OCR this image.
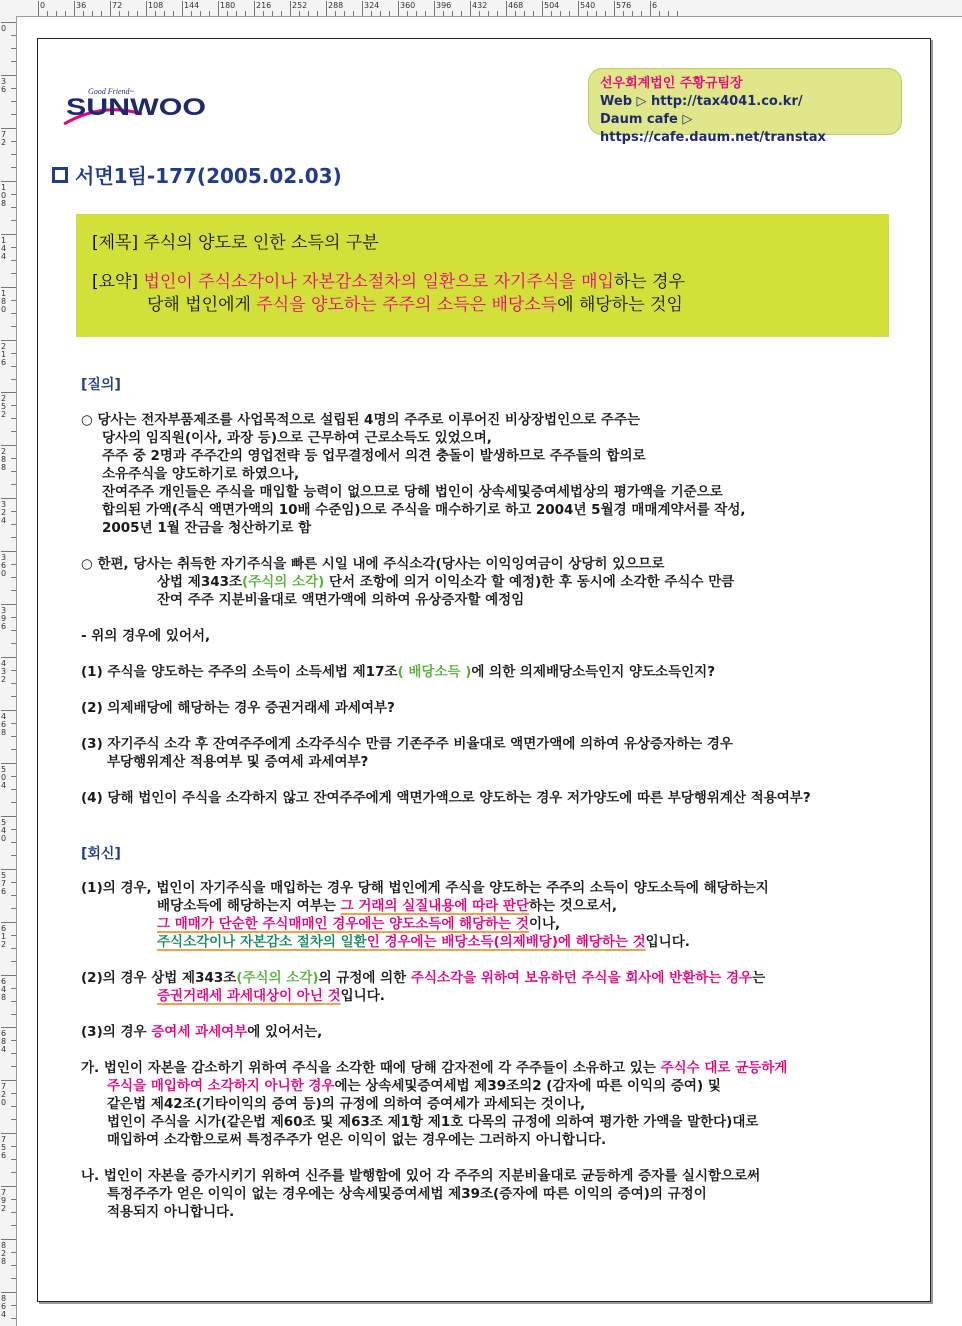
0	36	72	108	144	180	216	252	288	324	360	396	432	468	504	540	576	6
0
36
72
108
144
180
216
252
288
324
360
396
432
468
504
540
576
612
648
684
720
756
792
828
864
Good Friend~
SUNWOO
선우회계법인 주황규팀장
Web ▷ http://tax4041.co.kr/
Daum cafe ▷ https://cafe.daum.net/transtax
서면1팀-177(2005.02.03)
[제목] 주식의 양도로 인한 소득의 구분
[요약] 법인이 주식소각이나 자본감소절차의 일환으로 자기주식을 매입하는 경우
당해 법인에게 주식을 양도하는 주주의 소득은 배당소득에 해당하는 것임
[질의]
○ 당사는 전자부품제조를 사업목적으로 설립된 4명의 주주로 이루어진 비상장법인으로 주주는
당사의 임직원(이사, 과장 등)으로 근무하여 근로소득도 있었으며,
주주 중 2명과 주주간의 영업전략 등 업무결정에서 의견 충돌이 발생하므로 주주들의 합의로
소유주식을 양도하기로 하였으나,
잔여주주 개인들은 주식을 매입할 능력이 없으므로 당해 법인이 상속세및증여세법상의 평가액을 기준으로
합의된 가액(주식 액면가액의 10배 수준임)으로 주식을 매수하기로 하고 2004년 5월경 매매계약서를 작성,
2005년 1월 잔금을 청산하기로 함
○ 한편, 당사는 취득한 자기주식을 빠른 시일 내에 주식소각(당사는 이익잉여금이 상당히 있으므로
상법 제343조(주식의 소각) 단서 조항에 의거 이익소각 할 예정)한 후 동시에 소각한 주식수 만큼
잔여 주주 지분비율대로 액면가액에 의하여 유상증자할 예정임
- 위의 경우에 있어서,
(1) 주식을 양도하는 주주의 소득이 소득세법 제17조( 배당소득 )에 의한 의제배당소득인지 양도소득인지?
(2) 의제배당에 해당하는 경우 증권거래세 과세여부?
(3) 자기주식 소각 후 잔여주주에게 소각주식수 만큼 기존주주 비율대로 액면가액에 의하여 유상증자하는 경우
부당행위계산 적용여부 및 증여세 과세여부?
(4) 당해 법인이 주식을 소각하지 않고 잔여주주에게 액면가액으로 양도하는 경우 저가양도에 따른 부당행위계산 적용여부?
[회신]
(1)의 경우, 법인이 자기주식을 매입하는 경우 당해 법인에게 주식을 양도하는 주주의 소득이 양도소득에 해당하는지
배당소득에 해당하는지 여부는 그 거래의 실질내용에 따라 판단하는 것으로서,
그 매매가 단순한 주식매매인 경우에는 양도소득에 해당하는 것이나,
주식소각이나 자본감소 절차의 일환인 경우에는 배당소득(의제배당)에 해당하는 것입니다.
(2)의 경우 상법 제343조(주식의 소각)의 규정에 의한 주식소각을 위하여 보유하던 주식을 회사에 반환하는 경우는
증권거래세 과세대상이 아닌 것입니다.
(3)의 경우 증여세 과세여부에 있어서는,
가. 법인이 자본을 감소하기 위하여 주식을 소각한 때에 당해 감자전에 각 주주들이 소유하고 있는 주식수 대로 균등하게
주식을 매입하여 소각하지 아니한 경우에는 상속세및증여세법 제39조의2 (감자에 따른 이익의 증여) 및
같은법 제42조(기타이익의 증여 등)의 규정에 의하여 증여세가 과세되는 것이나,
법인이 주식을 시가(같은법 제60조 및 제63조 제1항 제1호 다목의 규정에 의하여 평가한 가액을 말한다)대로
매입하여 소각함으로써 특정주주가 얻은 이익이 없는 경우에는 그러하지 아니합니다.
나. 법인이 자본을 증가시키기 위하여 신주를 발행함에 있어 각 주주의 지분비율대로 균등하게 증자를 실시함으로써
특정주주가 얻은 이익이 없는 경우에는 상속세및증여세법 제39조(증자에 따른 이익의 증여)의 규정이
적용되지 아니합니다.
